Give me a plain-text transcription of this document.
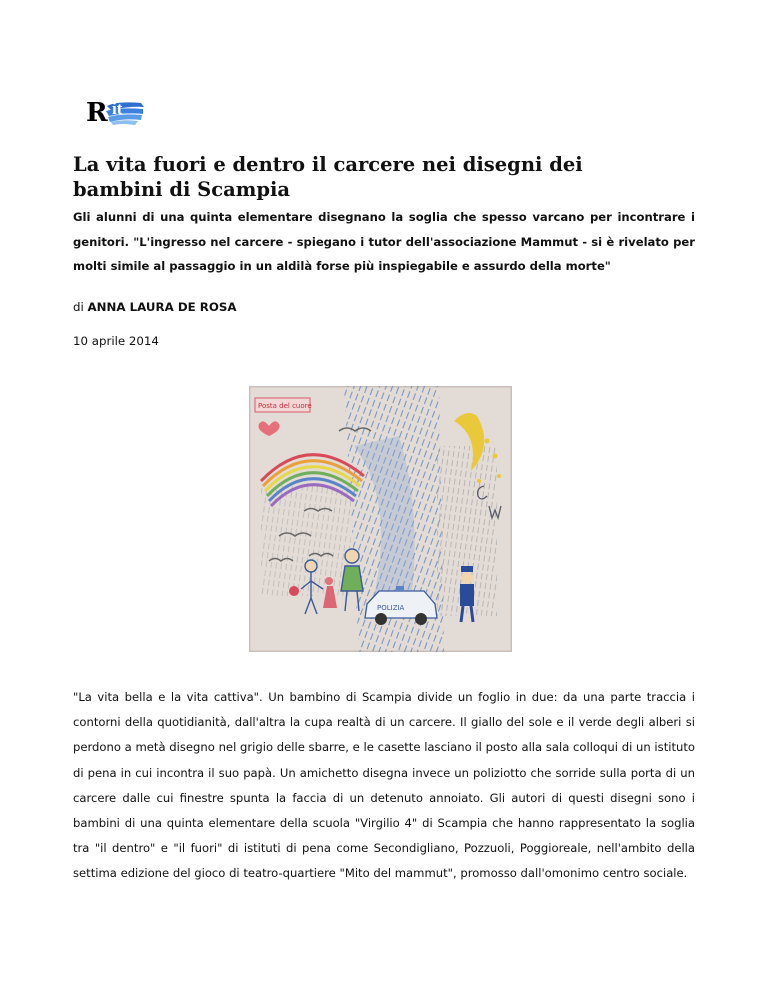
R it
La vita fuori e dentro il carcere nei disegni dei bambini di Scampia

Gli alunni di una quinta elementare disegnano la soglia che spesso varcano per incontrare i genitori. "L'ingresso nel carcere - spiegano i tutor dell'associazione Mammut - si è rivelato per molti simile al passaggio in un aldilà forse più inspiegabile e assurdo della morte"

di ANNA LAURA DE ROSA

10 aprile 2014

Posta del cuore
POLIZIA

"La vita bella e la vita cattiva". Un bambino di Scampia divide un foglio in due: da una parte traccia i contorni della quotidianità, dall'altra la cupa realtà di un carcere. Il giallo del sole e il verde degli alberi si perdono a metà disegno nel grigio delle sbarre, e le casette lasciano il posto alla sala colloqui di un istituto di pena in cui incontra il suo papà. Un amichetto disegna invece un poliziotto che sorride sulla porta di un carcere dalle cui finestre spunta la faccia di un detenuto annoiato. Gli autori di questi disegni sono i bambini di una quinta elementare della scuola "Virgilio 4" di Scampia che hanno rappresentato la soglia tra "il dentro" e "il fuori" di istituti di pena come Secondigliano, Pozzuoli, Poggioreale, nell'ambito della settima edizione del gioco di teatro-quartiere "Mito del mammut", promosso dall'omonimo centro sociale.
